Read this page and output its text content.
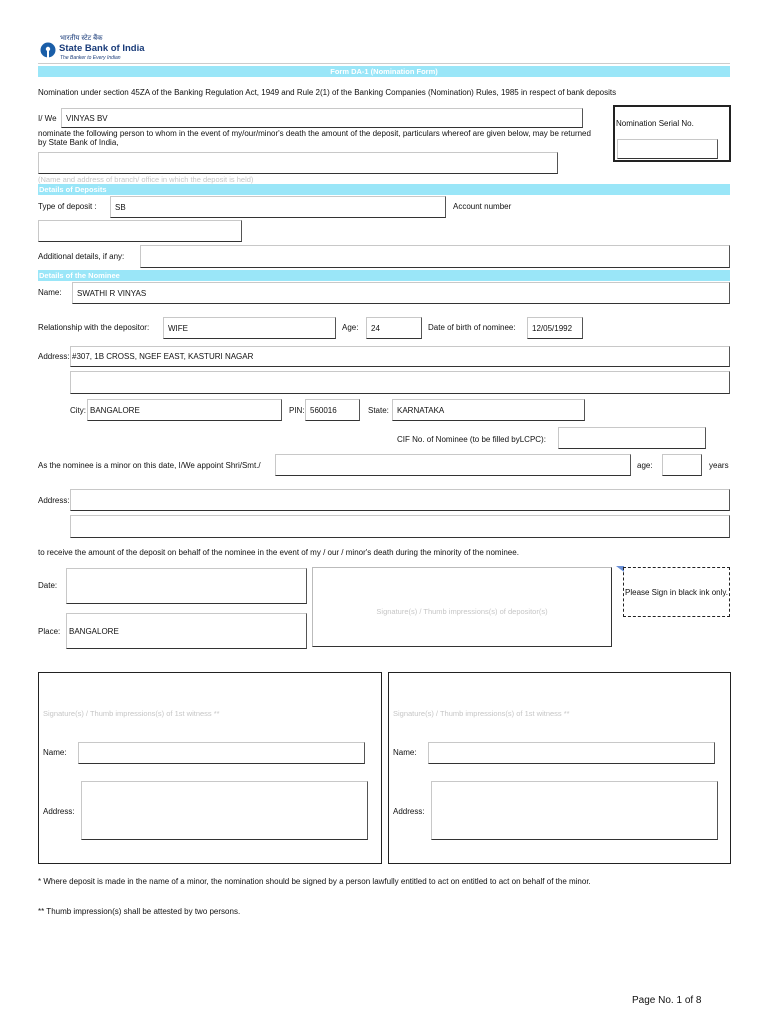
भारतीय स्टेट बैंक
State Bank of India
The Banker to Every Indian
Form DA-1 (Nomination Form)
Nomination under section 45ZA of the Banking Regulation Act, 1949 and Rule 2(1) of the Banking Companies (Nomination) Rules, 1985 in respect of bank deposits
I/ We	VINYAS BV
nominate the following person to whom in the event of my/our/minor's death the amount of the deposit, particulars whereof are given below, may be returned
by State Bank of India,
Nomination Serial No.
(Name and address of branch/ office in which the deposit is held)
Details of Deposits
Type of deposit :	SB	Account number
Additional details, if any:
Details of the Nominee
Name:	SWATHI R VINYAS
Relationship with the depositor:	WIFE	Age:	24	Date of birth of nominee:	12/05/1992
Address: #307, 1B CROSS, NGEF EAST, KASTURI NAGAR
City: BANGALORE	PIN: 560016	State:	KARNATAKA
CIF No. of Nominee (to be filled byLCPC):
As the nominee is a minor on this date, I/We appoint Shri/Smt./	age:	years
Address:
to receive the amount of the deposit on behalf of the nominee in the event of my / our / minor's death during the minority of the nominee.
Date:
Place:	BANGALORE
Signature(s) / Thumb impressions(s) of depositor(s)
Please Sign in black ink only.
Signature(s) / Thumb impressions(s) of 1st witness **
Name:
Address:
Signature(s) / Thumb impressions(s) of 1st witness **
Name:
Address:
* Where deposit is made in the name of a minor, the nomination should be signed by a person lawfully entitled to act on entitled to act on behalf of the minor.
** Thumb impression(s) shall be attested by two persons.
Page No. 1 of 8
